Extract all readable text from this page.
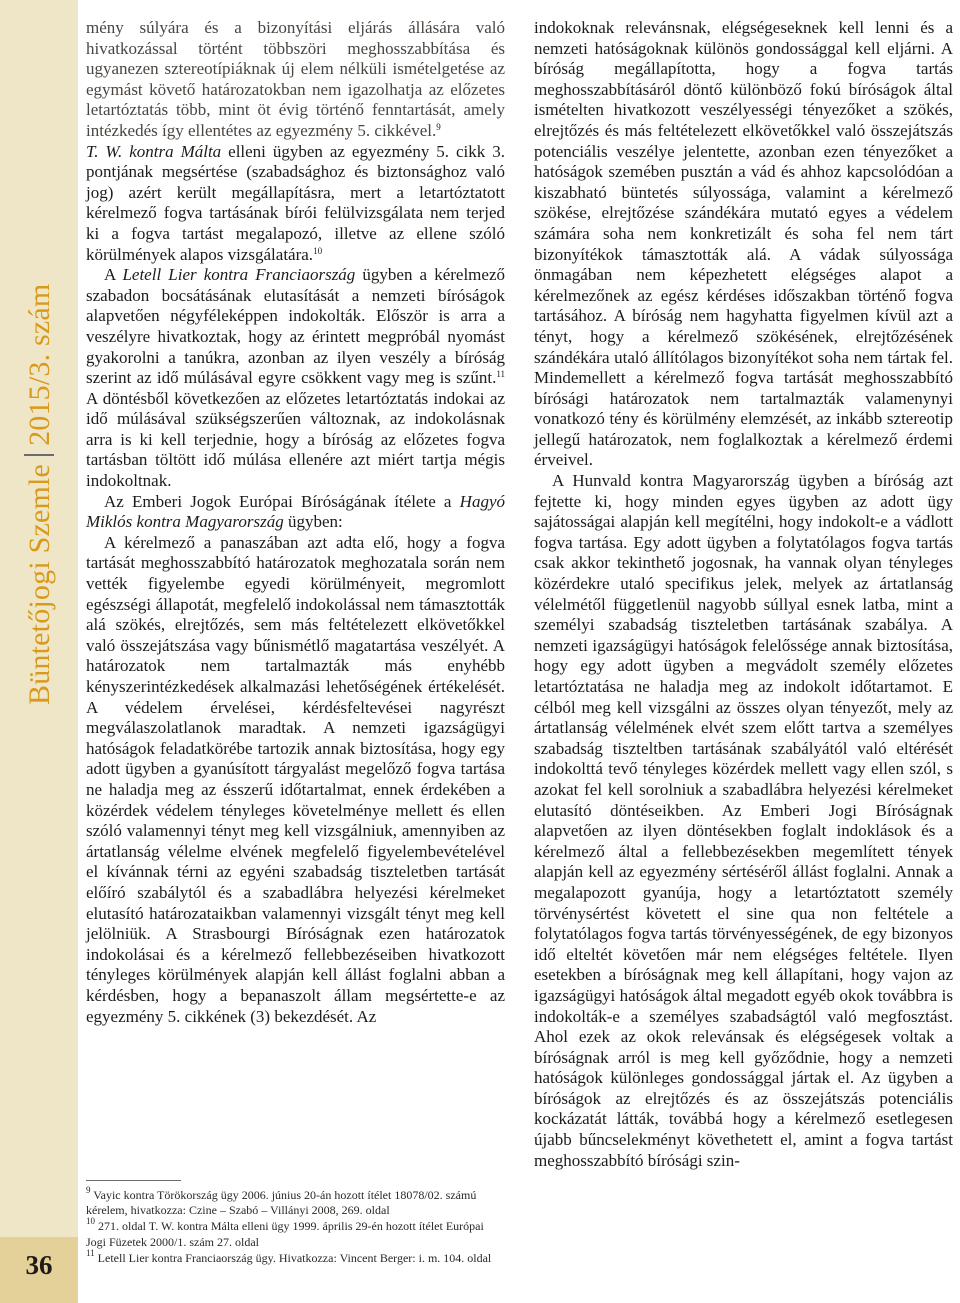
Büntetőjogi Szemle2015/3. szám
36

mény súlyára és a bizonyítási eljárás állására való hivatkozással történt többszöri meghosszabbítása és ugyanezen sztereotípiáknak új elem nélküli ismételgetése az egymást követő határozatokban nem igazolhatja az előzetes letartóztatás több, mint öt évig történő fenntartását, amely intézkedés így ellentétes az egyezmény 5. cikkével.$^9$

T. W. kontra Málta elleni ügyben az egyezmény 5. cikk 3. pontjának megsértése (szabadsághoz és biztonsághoz való jog) azért került megállapításra, mert a letartóztatott kérelmező fogva tartásának bírói felülvizsgálata nem terjed ki a fogva tartást megalapozó, illetve az ellene szóló körülmények alapos vizsgálatára.$^{10}$

A Letell Lier kontra Franciaország ügyben a kérelmező szabadon bocsátásának elutasítását a nemzeti bíróságok alapvetően négyféleképpen indokolták. Először is arra a veszélyre hivatkoztak, hogy az érintett megpróbál nyomást gyakorolni a tanúkra, azonban az ilyen veszély a bíróság szerint az idő múlásával egyre csökkent vagy meg is szűnt.$^{11}$ A döntésből következően az előzetes letartóztatás indokai az idő múlásával szükségszerűen változnak, az indokolásnak arra is ki kell terjednie, hogy a bíróság az előzetes fogva tartásban töltött idő múlása ellenére azt miért tartja mégis indokoltnak.

Az Emberi Jogok Európai Bíróságának ítélete a Hagyó Miklós kontra Magyarország ügyben:

A kérelmező a panaszában azt adta elő, hogy a fogva tartását meghosszabbító határozatok meghozatala során nem vették figyelembe egyedi körülményeit, megromlott egészségi állapotát, megfelelő indokolással nem támasztották alá szökés, elrejtőzés, sem más feltételezett elkövetőkkel való összejátszása vagy bűnismétlő magatartása veszélyét. A határozatok nem tartalmazták más enyhébb kényszerintézkedések alkalmazási lehetőségének értékelését. A védelem érvelései, kérdésfeltevései nagyrészt megválaszolatlanok maradtak. A nemzeti igazságügyi hatóságok feladatkörébe tartozik annak biztosítása, hogy egy adott ügyben a gyanúsított tárgyalást megelőző fogva tartása ne haladja meg az ésszerű időtartalmat, ennek érdekében a közérdek védelem tényleges követelménye mellett és ellen szóló valamennyi tényt meg kell vizsgálniuk, amennyiben az ártatlanság vélelme elvének megfelelő figyelembevételével el kívánnak térni az egyéni szabadság tiszteletben tartását előíró szabálytól és a szabadlábra helyezési kérelmeket elutasító határozataikban valamennyi vizsgált tényt meg kell jelölniük. A Strasbourgi Bíróságnak ezen határozatok indokolásai és a kérelmező fellebbezéseiben hivatkozott tényleges körülmények alapján kell állást foglalni abban a kérdésben, hogy a bepanaszolt állam megsértette-e az egyezmény 5. cikkének (3) bekezdését. Az

indokoknak relevánsnak, elégségeseknek kell lenni és a nemzeti hatóságoknak különös gondossággal kell eljárni. A bíróság megállapította, hogy a fogva tartás meghosszabbításáról döntő különböző fokú bíróságok által ismételten hivatkozott veszélyességi tényezőket a szökés, elrejtőzés és más feltételezett elkövetőkkel való összejátszás potenciális veszélye jelentette, azonban ezen tényezőket a hatóságok szemében pusztán a vád és ahhoz kapcsolódóan a kiszabható büntetés súlyossága, valamint a kérelmező szökése, elrejtőzése szándékára mutató egyes a védelem számára soha nem konkretizált és soha fel nem tárt bizonyítékok támasztották alá. A vádak súlyossága önmagában nem képezhetett elégséges alapot a kérelmezőnek az egész kérdéses időszakban történő fogva tartásához. A bíróság nem hagyhatta figyelmen kívül azt a tényt, hogy a kérelmező szökésének, elrejtőzésének szándékára utaló állítólagos bizonyítékot soha nem tártak fel. Mindemellett a kérelmező fogva tartását meghosszabbító bírósági határozatok nem tartalmazták valamenynyi vonatkozó tény és körülmény elemzését, az inkább sztereotip jellegű határozatok, nem foglalkoztak a kérelmező érdemi érveivel.

A Hunvald kontra Magyarország ügyben a bíróság azt fejtette ki, hogy minden egyes ügyben az adott ügy sajátosságai alapján kell megítélni, hogy indokolt-e a vádlott fogva tartása. Egy adott ügyben a folytatólagos fogva tartás csak akkor tekinthető jogosnak, ha vannak olyan tényleges közérdekre utaló specifikus jelek, melyek az ártatlanság vélelmétől függetlenül nagyobb súllyal esnek latba, mint a személyi szabadság tiszteletben tartásának szabálya. A nemzeti igazságügyi hatóságok felelőssége annak biztosítása, hogy egy adott ügyben a megvádolt személy előzetes letartóztatása ne haladja meg az indokolt időtartamot. E célból meg kell vizsgálni az összes olyan tényezőt, mely az ártatlanság vélelmének elvét szem előtt tartva a személyes szabadság tiszteltben tartásának szabályától való eltérését indokolttá tevő tényleges közérdek mellett vagy ellen szól, s azokat fel kell sorolniuk a szabadlábra helyezési kérelmeket elutasító döntéseikben. Az Emberi Jogi Bíróságnak alapvetően az ilyen döntésekben foglalt indoklások és a kérelmező által a fellebbezésekben megemlített tények alapján kell az egyezmény sértéséről állást foglalni. Annak a megalapozott gyanúja, hogy a letartóztatott személy törvénysértést követett el sine qua non feltétele a folytatólagos fogva tartás törvényességének, de egy bizonyos idő elteltét követően már nem elégséges feltétele. Ilyen esetekben a bíróságnak meg kell állapítani, hogy vajon az igazságügyi hatóságok által megadott egyéb okok továbbra is indokolták-e a személyes szabadságtól való megfosztást. Ahol ezek az okok relevánsak és elégségesek voltak a bíróságnak arról is meg kell győződnie, hogy a nemzeti hatóságok különleges gondossággal jártak el. Az ügyben a bíróságok az elrejtőzés és az összejátszás potenciális kockázatát látták, továbbá hogy a kérelmező esetlegesen újabb bűncselekményt követhetett el, amint a fogva tartást meghosszabbító bírósági szin-

$^9$ Vayic kontra Törökország ügy 2006. június 20-án hozott ítélet 18078/02. számú kérelem, hivatkozza: Czine – Szabó – Villányi 2008, 269. oldal

$^{10}$ 271. oldal T. W. kontra Málta elleni ügy 1999. április 29-én hozott ítélet Európai Jogi Füzetek 2000/1. szám 27. oldal

$^{11}$ Letell Lier kontra Franciaország ügy. Hivatkozza: Vincent Berger: i. m. 104. oldal
